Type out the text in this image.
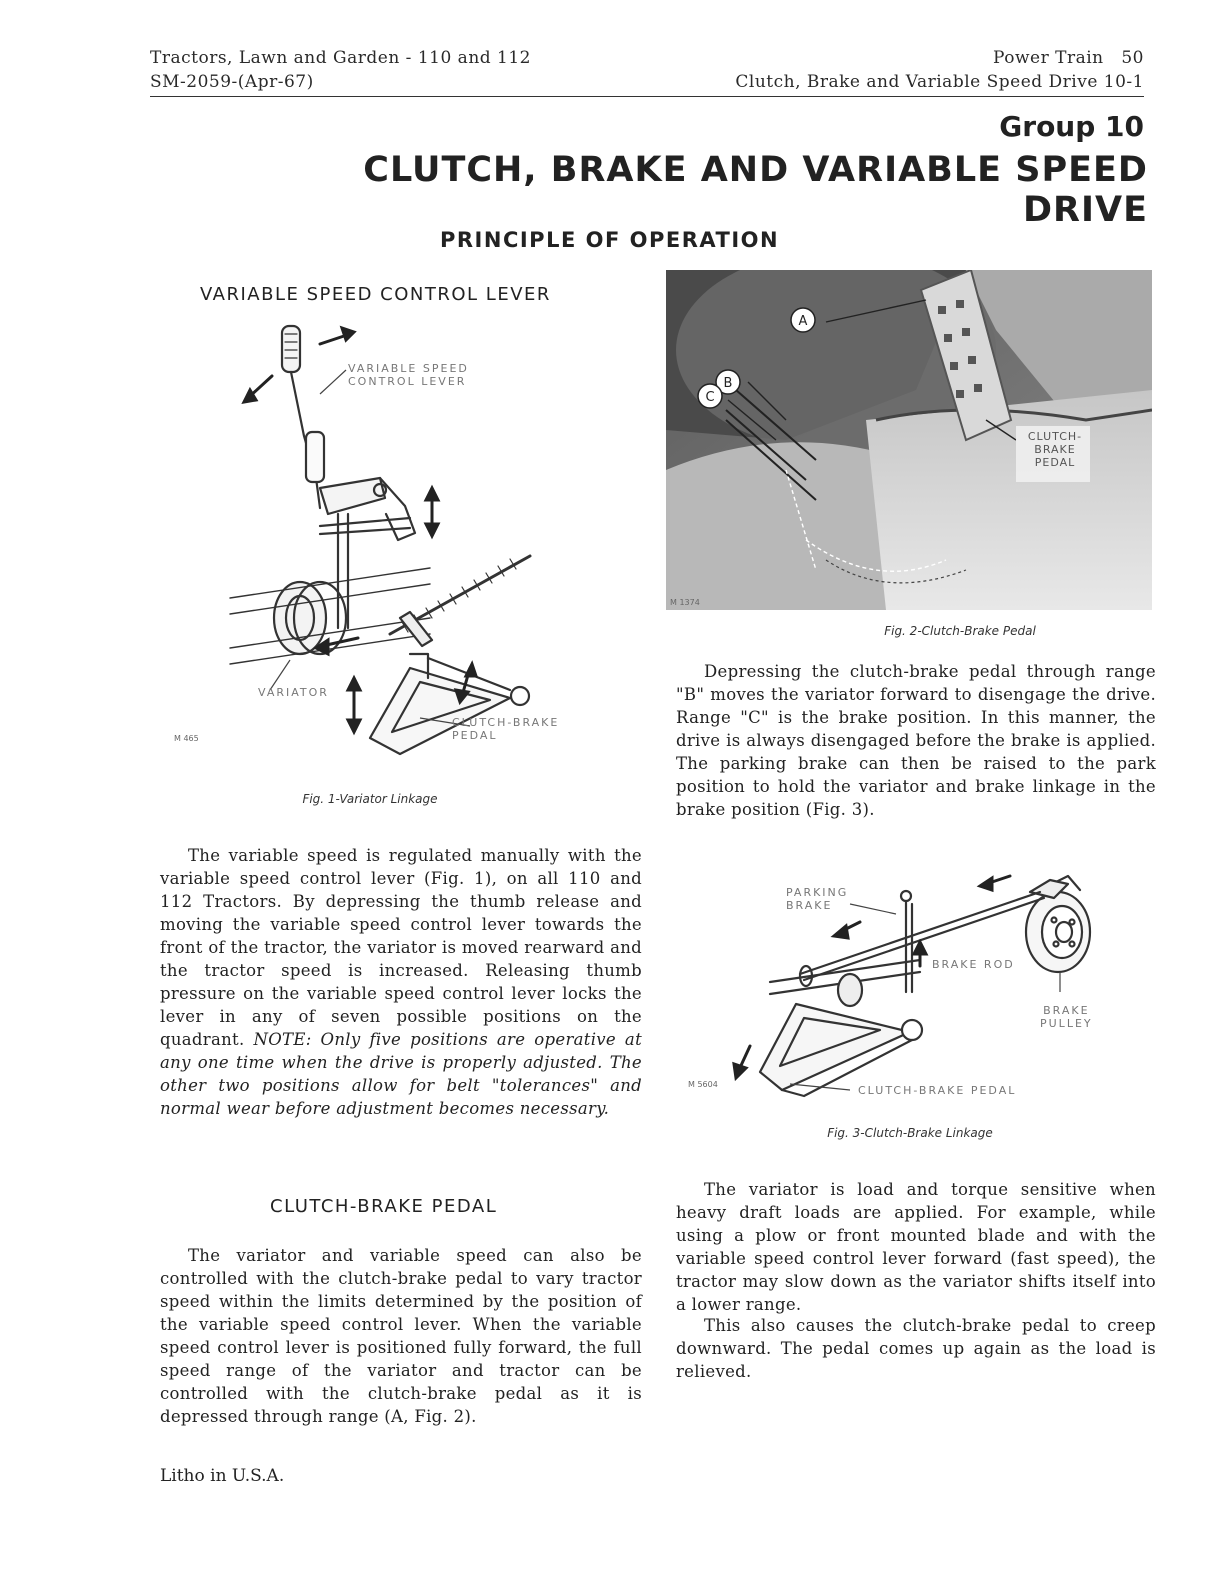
Tractors, Lawn and Garden - 110 and 112
SM-2059-(Apr-67)
Power Train 50
Clutch, Brake and Variable Speed Drive 10-1
Group 10
CLUTCH, BRAKE AND VARIABLE SPEED DRIVE
PRINCIPLE OF OPERATION
VARIABLE SPEED CONTROL LEVER
VARIABLE SPEED
CONTROL LEVER
VARIATOR
CLUTCH-BRAKE
PEDAL
M 465
Fig. 1-Variator Linkage

The variable speed is regulated manually with the variable speed control lever (Fig. 1), on all 110 and 112 Tractors. By depressing the thumb release and moving the variable speed control lever towards the front of the tractor, the variator is moved rearward and the tractor speed is increased. Releasing thumb pressure on the variable speed control lever locks the lever in any of seven possible positions on the quadrant. NOTE: Only five positions are operative at any one time when the drive is properly adjusted. The other two positions allow for belt "tolerances" and normal wear before adjustment becomes necessary.

CLUTCH-BRAKE PEDAL

The variator and variable speed can also be controlled with the clutch-brake pedal to vary tractor speed within the limits determined by the position of the variable speed control lever. When the variable speed control lever is positioned fully forward, the full speed range of the variator and tractor can be controlled with the clutch-brake pedal as it is depressed through range (A, Fig. 2).

Litho in U.S.A.
A
B
C
CLUTCH-
BRAKE
PEDAL
M 1374
Fig. 2-Clutch-Brake Pedal

Depressing the clutch-brake pedal through range "B" moves the variator forward to disengage the drive. Range "C" is the brake position. In this manner, the drive is always disengaged before the brake is applied. The parking brake can then be raised to the park position to hold the variator and brake linkage in the brake position (Fig. 3).

PARKING
BRAKE
BRAKE ROD
BRAKE
PULLEY
CLUTCH-BRAKE PEDAL
M 5604
Fig. 3-Clutch-Brake Linkage

The variator is load and torque sensitive when heavy draft loads are applied. For example, while using a plow or front mounted blade and with the variable speed control lever forward (fast speed), the tractor may slow down as the variator shifts itself into a lower range.

This also causes the clutch-brake pedal to creep downward. The pedal comes up again as the load is relieved.
